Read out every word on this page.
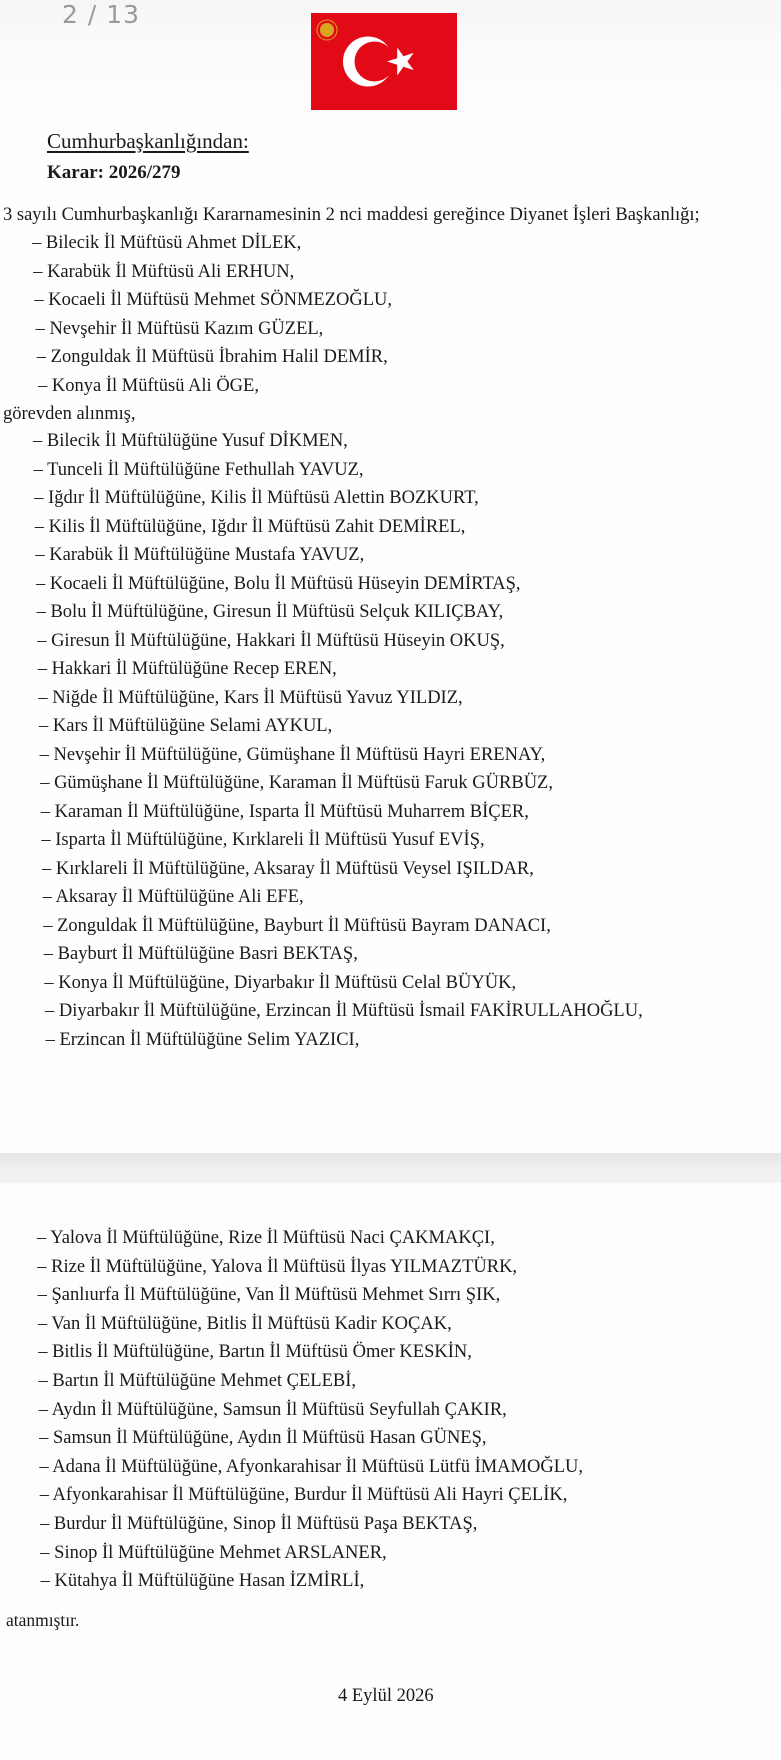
2 / 13
Cumhurbaşkanlığından:
Karar: 2026/279
3 sayılı Cumhurbaşkanlığı Kararnamesinin 2 nci maddesi gereğince Diyanet İşleri Başkanlığı;
– Bilecik İl Müftüsü Ahmet DİLEK,
– Karabük İl Müftüsü Ali ERHUN,
– Kocaeli İl Müftüsü Mehmet SÖNMEZOĞLU,
– Nevşehir İl Müftüsü Kazım GÜZEL,
– Zonguldak İl Müftüsü İbrahim Halil DEMİR,
– Konya İl Müftüsü Ali ÖGE,
görevden alınmış,
– Bilecik İl Müftülüğüne Yusuf DİKMEN,
– Tunceli İl Müftülüğüne Fethullah YAVUZ,
– Iğdır İl Müftülüğüne, Kilis İl Müftüsü Alettin BOZKURT,
– Kilis İl Müftülüğüne, Iğdır İl Müftüsü Zahit DEMİREL,
– Karabük İl Müftülüğüne Mustafa YAVUZ,
– Kocaeli İl Müftülüğüne, Bolu İl Müftüsü Hüseyin DEMİRTAŞ,
– Bolu İl Müftülüğüne, Giresun İl Müftüsü Selçuk KILIÇBAY,
– Giresun İl Müftülüğüne, Hakkari İl Müftüsü Hüseyin OKUŞ,
– Hakkari İl Müftülüğüne Recep EREN,
– Niğde İl Müftülüğüne, Kars İl Müftüsü Yavuz YILDIZ,
– Kars İl Müftülüğüne Selami AYKUL,
– Nevşehir İl Müftülüğüne, Gümüşhane İl Müftüsü Hayri ERENAY,
– Gümüşhane İl Müftülüğüne, Karaman İl Müftüsü Faruk GÜRBÜZ,
– Karaman İl Müftülüğüne, Isparta İl Müftüsü Muharrem BİÇER,
– Isparta İl Müftülüğüne, Kırklareli İl Müftüsü Yusuf EVİŞ,
– Kırklareli İl Müftülüğüne, Aksaray İl Müftüsü Veysel IŞILDAR,
– Aksaray İl Müftülüğüne Ali EFE,
– Zonguldak İl Müftülüğüne, Bayburt İl Müftüsü Bayram DANACI,
– Bayburt İl Müftülüğüne Basri BEKTAŞ,
– Konya İl Müftülüğüne, Diyarbakır İl Müftüsü Celal BÜYÜK,
– Diyarbakır İl Müftülüğüne, Erzincan İl Müftüsü İsmail FAKİRULLAHOĞLU,
– Erzincan İl Müftülüğüne Selim YAZICI,
– Yalova İl Müftülüğüne, Rize İl Müftüsü Naci ÇAKMAKÇI,
– Rize İl Müftülüğüne, Yalova İl Müftüsü İlyas YILMAZTÜRK,
– Şanlıurfa İl Müftülüğüne, Van İl Müftüsü Mehmet Sırrı ŞIK,
– Van İl Müftülüğüne, Bitlis İl Müftüsü Kadir KOÇAK,
– Bitlis İl Müftülüğüne, Bartın İl Müftüsü Ömer KESKİN,
– Bartın İl Müftülüğüne Mehmet ÇELEBİ,
– Aydın İl Müftülüğüne, Samsun İl Müftüsü Seyfullah ÇAKIR,
– Samsun İl Müftülüğüne, Aydın İl Müftüsü Hasan GÜNEŞ,
– Adana İl Müftülüğüne, Afyonkarahisar İl Müftüsü Lütfü İMAMOĞLU,
– Afyonkarahisar İl Müftülüğüne, Burdur İl Müftüsü Ali Hayri ÇELİK,
– Burdur İl Müftülüğüne, Sinop İl Müftüsü Paşa BEKTAŞ,
– Sinop İl Müftülüğüne Mehmet ARSLANER,
– Kütahya İl Müftülüğüne Hasan İZMİRLİ,
atanmıştır.
4 Eylül 2026
